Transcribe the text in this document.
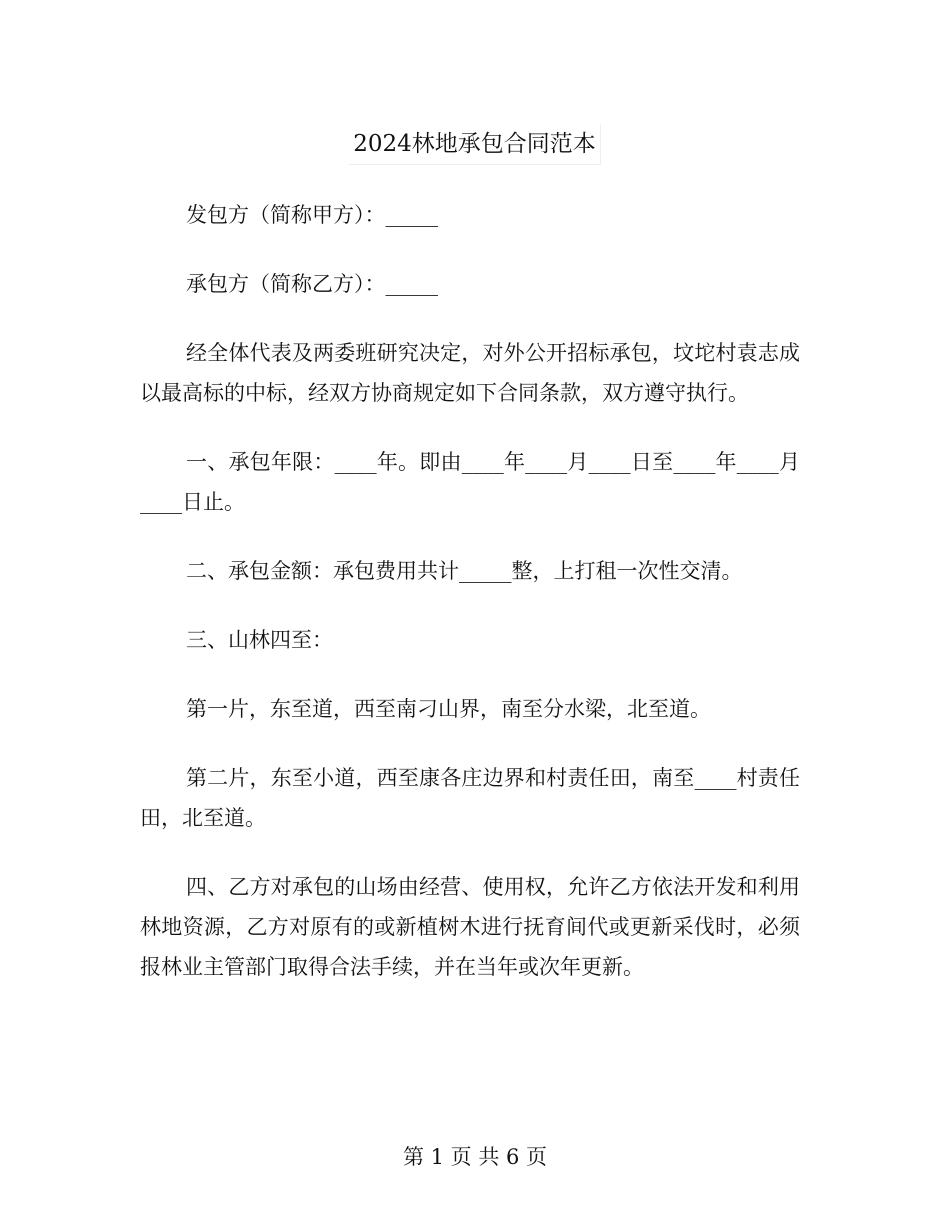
2024林地承包合同范本

发包方（简称甲方）：_____

承包方（简称乙方）：_____

经全体代表及两委班研究决定，对外公开招标承包，坟坨村袁志成以最高标的中标，经双方协商规定如下合同条款，双方遵守执行。

一、承包年限：____年。即由____年____月____日至____年____月____日止。

二、承包金额：承包费用共计_____整，上打租一次性交清。

三、山林四至：

第一片，东至道，西至南刁山界，南至分水梁，北至道。

第二片，东至小道，西至康各庄边界和村责任田，南至____村责任田，北至道。

四、乙方对承包的山场由经营、使用权，允许乙方依法开发和利用林地资源，乙方对原有的或新植树木进行抚育间代或更新采伐时，必须报林业主管部门取得合法手续，并在当年或次年更新。

第 1 页 共 6 页
